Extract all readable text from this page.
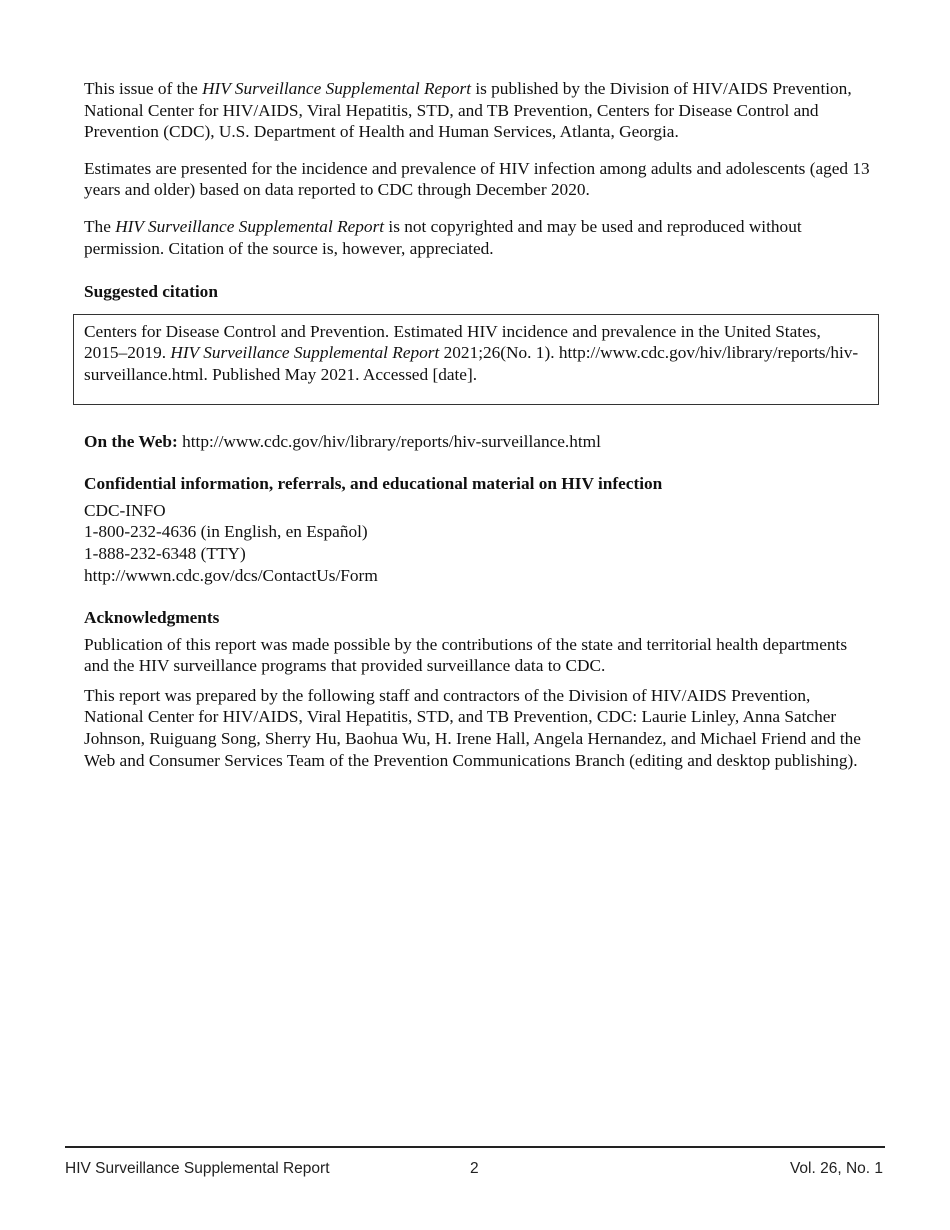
This issue of the HIV Surveillance Supplemental Report is published by the Division of HIV/AIDS Prevention, National Center for HIV/AIDS, Viral Hepatitis, STD, and TB Prevention, Centers for Disease Control and Prevention (CDC), U.S. Department of Health and Human Services, Atlanta, Georgia.

Estimates are presented for the incidence and prevalence of HIV infection among adults and adolescents (aged 13 years and older) based on data reported to CDC through December 2020.

The HIV Surveillance Supplemental Report is not copyrighted and may be used and reproduced without permission. Citation of the source is, however, appreciated.

Suggested citation
Centers for Disease Control and Prevention. Estimated HIV incidence and prevalence in the United States, 2015–2019. HIV Surveillance Supplemental Report 2021;26(No. 1). http://www.cdc.gov/hiv/library/reports/hiv-surveillance.html. Published May 2021. Accessed [date].
On the Web: http://www.cdc.gov/hiv/library/reports/hiv-surveillance.html
Confidential information, referrals, and educational material on HIV infection
CDC-INFO
1-800-232-4636 (in English, en Español)
1-888-232-6348 (TTY)
http://wwwn.cdc.gov/dcs/ContactUs/Form
Acknowledgments

Publication of this report was made possible by the contributions of the state and territorial health departments and the HIV surveillance programs that provided surveillance data to CDC.

This report was prepared by the following staff and contractors of the Division of HIV/AIDS Prevention, National Center for HIV/AIDS, Viral Hepatitis, STD, and TB Prevention, CDC: Laurie Linley, Anna Satcher Johnson, Ruiguang Song, Sherry Hu, Baohua Wu, H. Irene Hall, Angela Hernandez, and Michael Friend and the Web and Consumer Services Team of the Prevention Communications Branch (editing and desktop publishing).

HIV Surveillance Supplemental Report	2	Vol. 26, No. 1
